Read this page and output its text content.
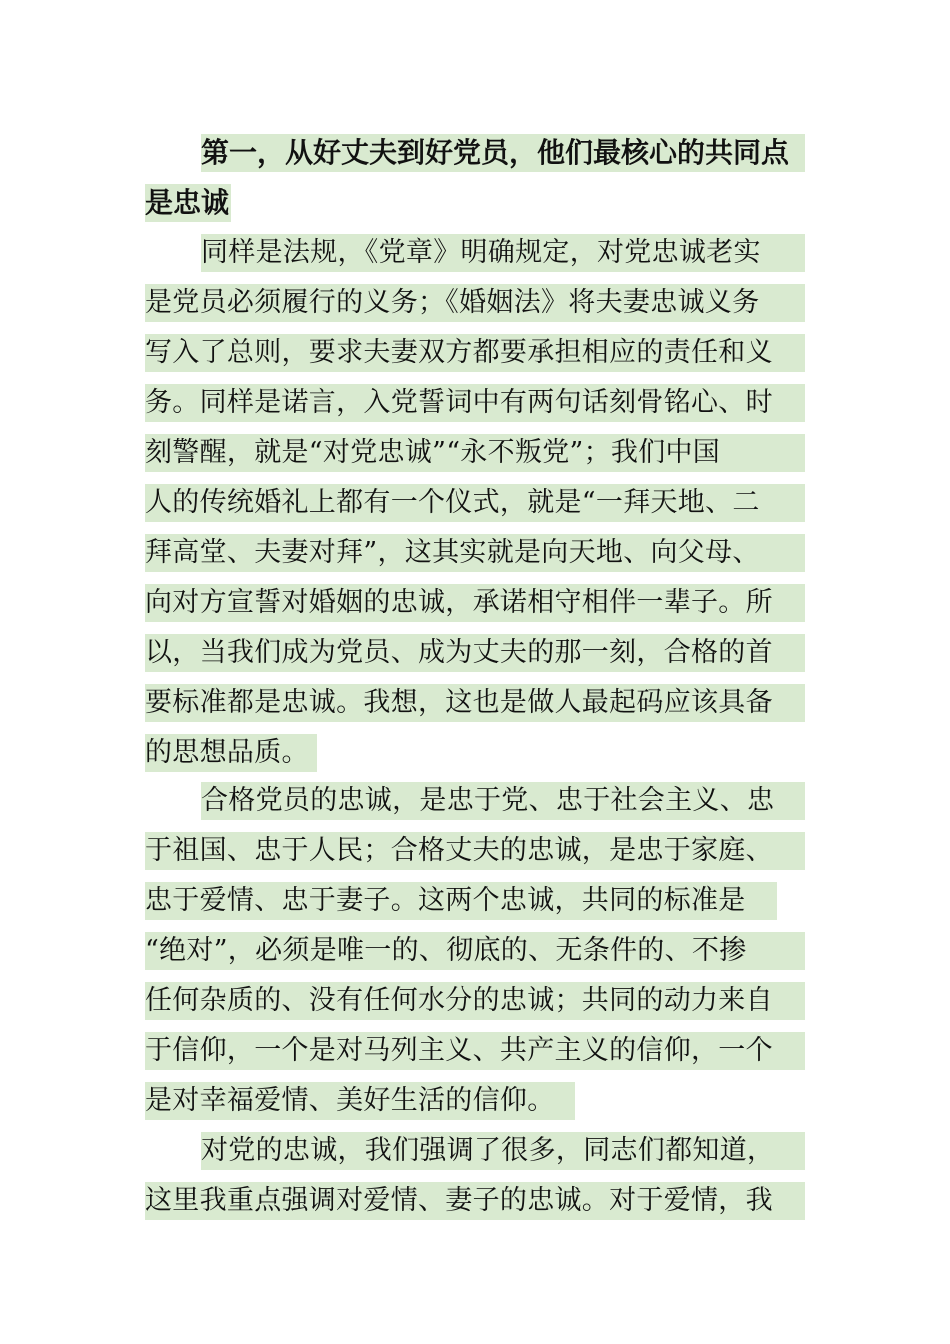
第一，从好丈夫到好党员，他们最核心的共同点
是忠诚
同样是法规，《党章》明确规定，对党忠诚老实
是党员必须履行的义务；《婚姻法》将夫妻忠诚义务
写入了总则，要求夫妻双方都要承担相应的责任和义
务。同样是诺言，入党誓词中有两句话刻骨铭心、时
刻警醒，就是“对党忠诚”“永不叛党”；我们中国
人的传统婚礼上都有一个仪式，就是“一拜天地、二
拜高堂、夫妻对拜”，这其实就是向天地、向父母、
向对方宣誓对婚姻的忠诚，承诺相守相伴一辈子。所
以，当我们成为党员、成为丈夫的那一刻，合格的首
要标准都是忠诚。我想，这也是做人最起码应该具备
的思想品质。
合格党员的忠诚，是忠于党、忠于社会主义、忠
于祖国、忠于人民；合格丈夫的忠诚，是忠于家庭、
忠于爱情、忠于妻子。这两个忠诚，共同的标准是
“绝对”，必须是唯一的、彻底的、无条件的、不掺
任何杂质的、没有任何水分的忠诚；共同的动力来自
于信仰，一个是对马列主义、共产主义的信仰，一个
是对幸福爱情、美好生活的信仰。
对党的忠诚，我们强调了很多，同志们都知道，
这里我重点强调对爱情、妻子的忠诚。对于爱情，我
